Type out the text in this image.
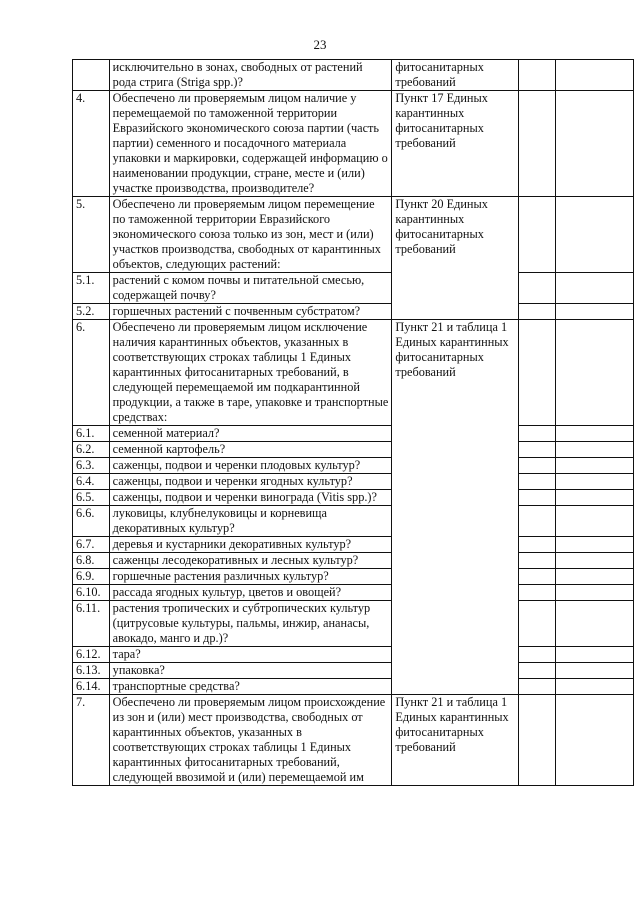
23
	исключительно в зонах, свободных от растений рода стрига (Striga spp.)?	фитосанитарных требований		
4.	Обеспечено ли проверяемым лицом наличие у перемещаемой по таможенной территории Евразийского экономического союза партии (часть партии) семенного и посадочного материала упаковки и маркировки, содержащей информацию о наименовании продукции, стране, месте и (или) участке производства, производителе?	Пункт 17 Единых карантинных фитосанитарных требований		
5.	Обеспечено ли проверяемым лицом перемещение по таможенной территории Евразийского экономического союза только из зон, мест и (или) участков производства, свободных от карантинных объектов, следующих растений:	Пункт 20 Единых карантинных фитосанитарных требований		
5.1.	растений с комом почвы и питательной смесью, содержащей почву?			
5.2.	горшечных растений с почвенным субстратом?			
6.	Обеспечено ли проверяемым лицом исключение наличия карантинных объектов, указанных в соответствующих строках таблицы 1 Единых карантинных фитосанитарных требований, в следующей перемещаемой им подкарантинной продукции, а также в таре, упаковке и транспортные средствах:	Пункт 21 и таблица 1 Единых карантинных фитосанитарных требований		
6.1.	семенной материал?			
6.2.	семенной картофель?			
6.3.	саженцы, подвои и черенки плодовых культур?			
6.4.	саженцы, подвои и черенки ягодных культур?			
6.5.	саженцы, подвои и черенки винограда (Vitis spp.)?			
6.6.	луковицы, клубнелуковицы и корневища декоративных культур?			
6.7.	деревья и кустарники декоративных культур?			
6.8.	саженцы лесодекоративных и лесных культур?			
6.9.	горшечные растения различных культур?			
6.10.	рассада ягодных культур, цветов и овощей?			
6.11.	растения тропических и субтропических культур (цитрусовые культуры, пальмы, инжир, ананасы, авокадо, манго и др.)?			
6.12.	тара?			
6.13.	упаковка?			
6.14.	транспортные средства?			
7.	Обеспечено ли проверяемым лицом происхождение из зон и (или) мест производства, свободных от карантинных объектов, указанных в соответствующих строках таблицы 1 Единых карантинных фитосанитарных требований, следующей ввозимой и (или) перемещаемой им	Пункт 21 и таблица 1 Единых карантинных фитосанитарных требований		
